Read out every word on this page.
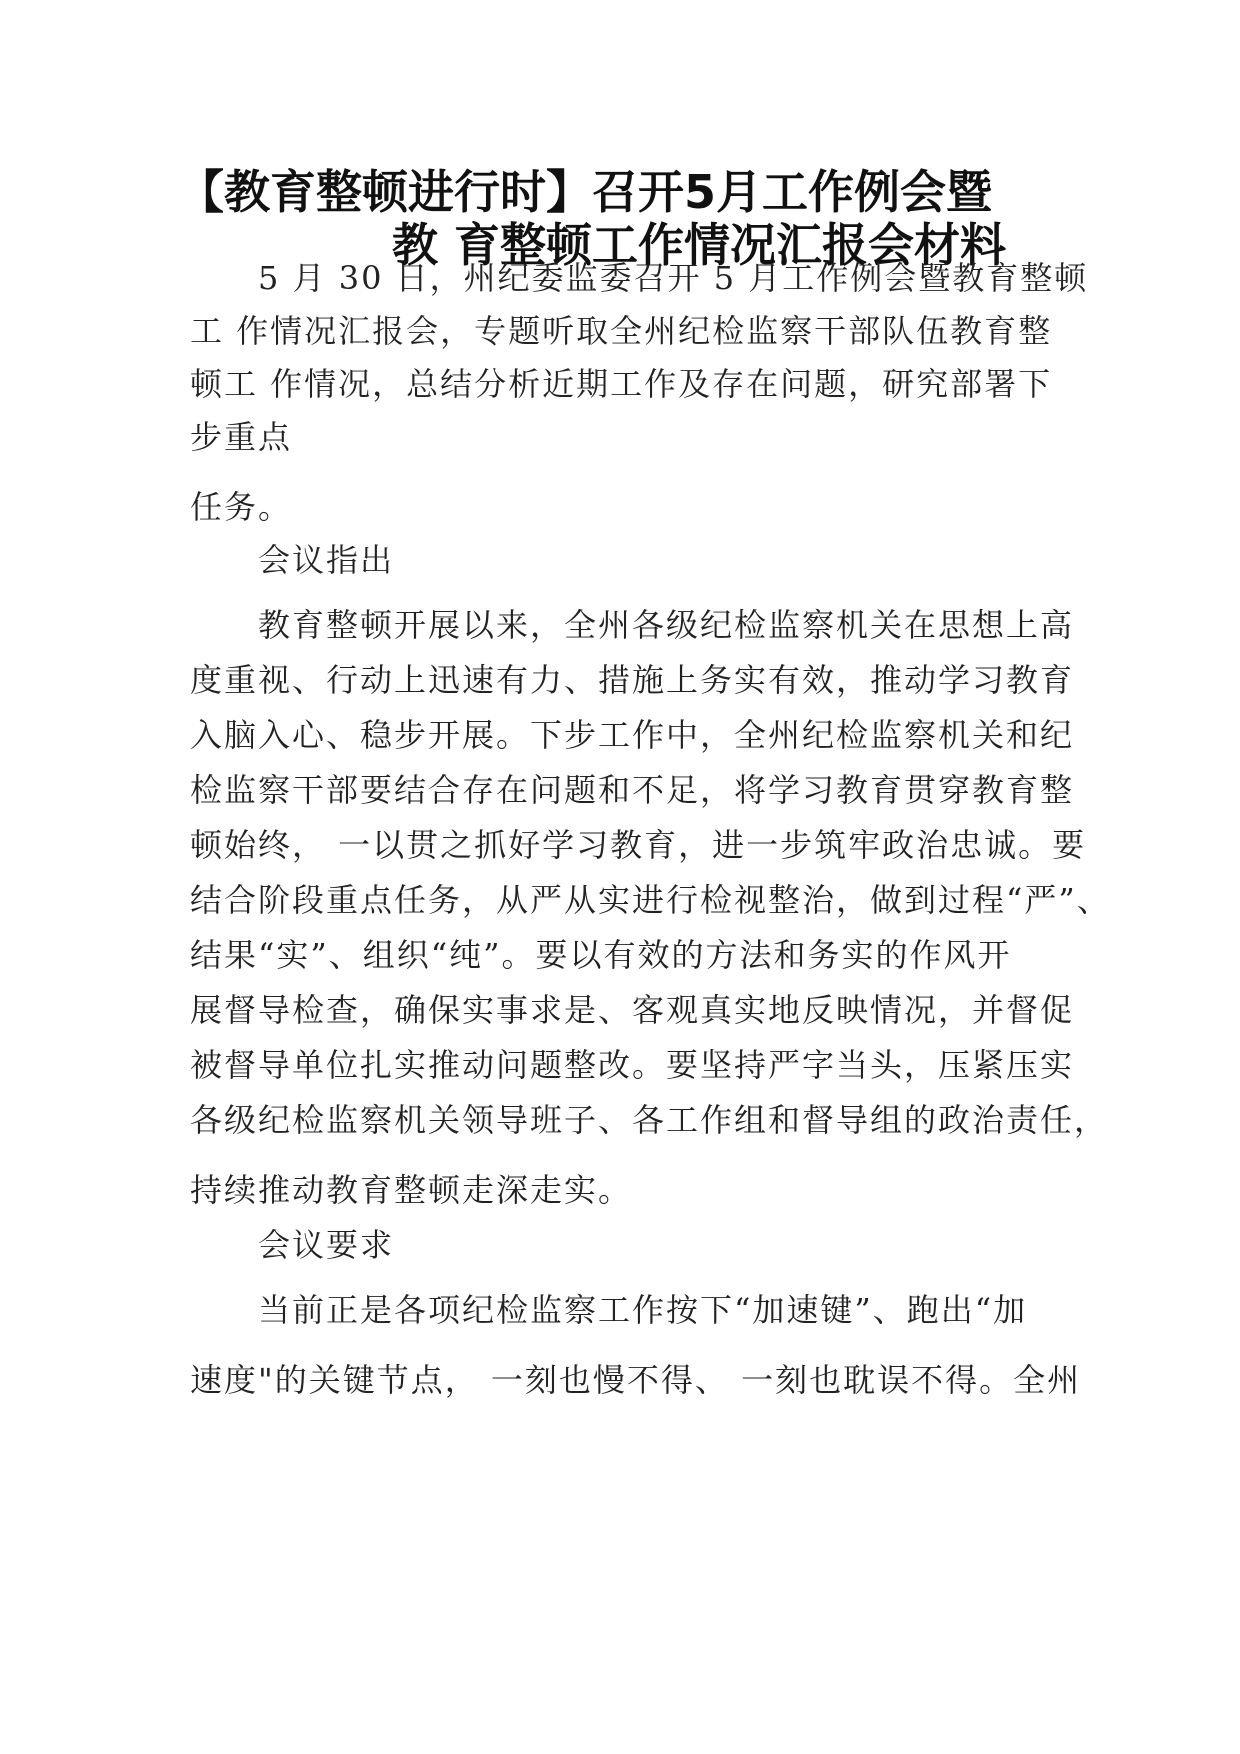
【教育整顿进行时】召开5月工作例会暨
教 育整顿工作情况汇报会材料
5 月 30 日，州纪委监委召开 5 月工作例会暨教育整顿
工 作情况汇报会，专题听取全州纪检监察干部队伍教育整
顿工 作情况，总结分析近期工作及存在问题，研究部署下
步重点
任务。
会议指出
教育整顿开展以来，全州各级纪检监察机关在思想上高
度重视、行动上迅速有力、措施上务实有效，推动学习教育
入脑入心、稳步开展。下步工作中，全州纪检监察机关和纪
检监察干部要结合存在问题和不足，将学习教育贯穿教育整
顿始终， 一以贯之抓好学习教育，进一步筑牢政治忠诚。要
结合阶段重点任务，从严从实进行检视整治，做到过程“严”、
结果“实”、组织“纯”。要以有效的方法和务实的作风开
展督导检查，确保实事求是、客观真实地反映情况，并督促
被督导单位扎实推动问题整改。要坚持严字当头，压紧压实
各级纪检监察机关领导班子、各工作组和督导组的政治责任，
持续推动教育整顿走深走实。
会议要求
当前正是各项纪检监察工作按下“加速键”、跑出“加
速度"的关键节点， 一刻也慢不得、 一刻也耽误不得。全州
